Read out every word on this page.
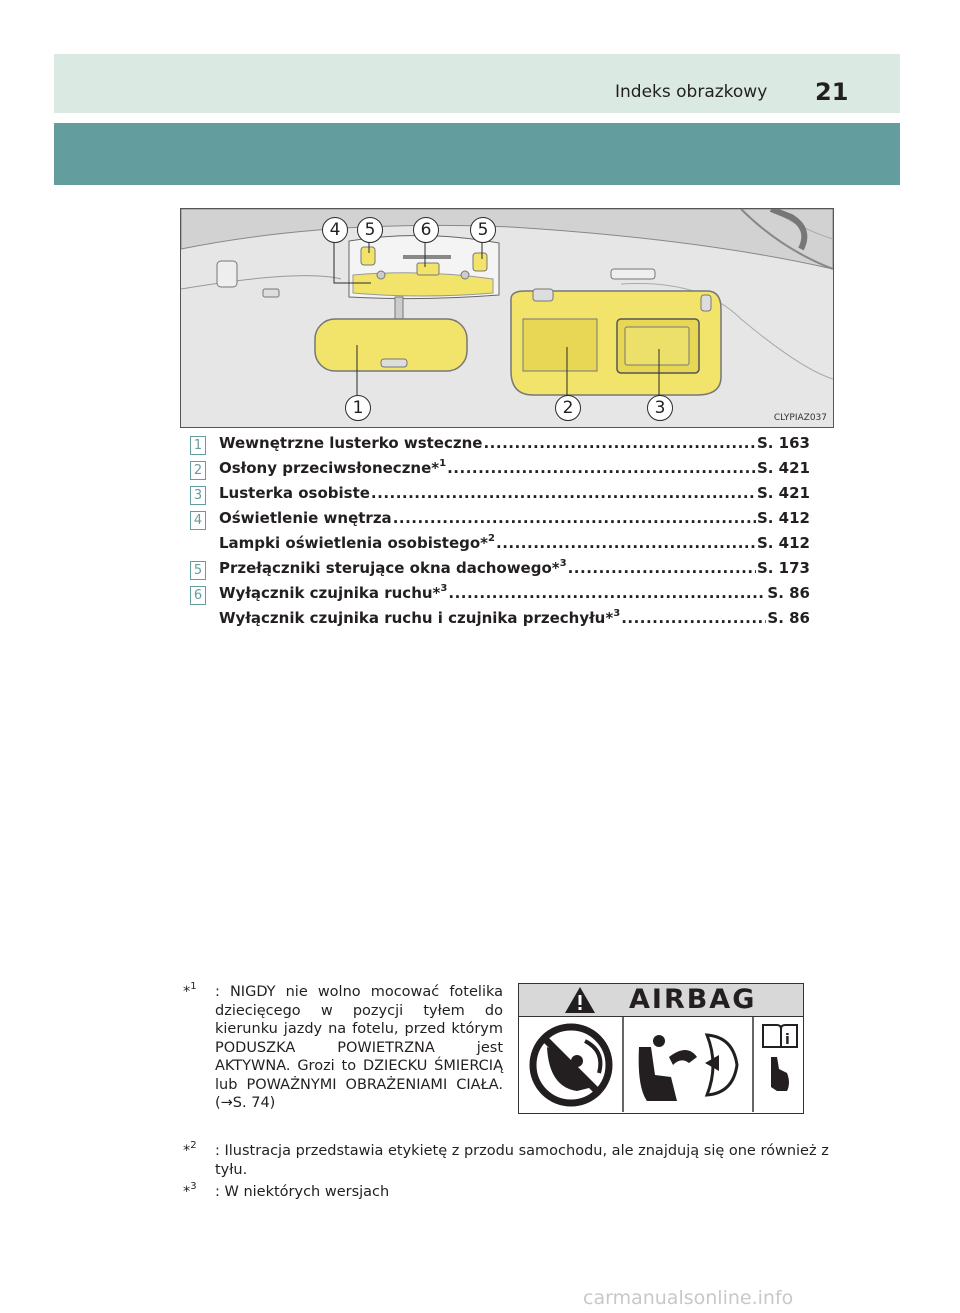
Indeks obrazkowy 21
4	5	6	5
1	2	3	CLYPIAZ037
1 Wewnętrzne lusterko wsteczne .....	S. 163
2 Osłony przeciwsłoneczne*$^1$ .....	S. 421
3 Lusterka osobiste .....	S. 421
4 Oświetlenie wnętrza .....	S. 412
Lampki oświetlenia osobistego*$^2$ .....	S. 412
5 Przełączniki sterujące okna dachowego*$^3$ .....	S. 173
6 Wyłącznik czujnika ruchu*$^3$ .....	S. 86
Wyłącznik czujnika ruchu i czujnika przechyłu*$^3$ .....	S. 86
*$^1$ : NIGDY nie wolno mocować fotelika dziecięcego w pozycji tyłem do kierunku jazdy na fotelu, przed którym PODUSZKA POWIETRZNA jest AKTYWNA. Grozi to DZIECKU ŚMIERCIĄ lub POWAŻNYMI OBRAŻENIAMI CIAŁA. (→S. 74)
AIRBAG
i
*$^2$ : Ilustracja przedstawia etykietę z przodu samochodu, ale znajdują się one również z tyłu.
*$^3$ : W niektórych wersjach
carmanualsonline.info
